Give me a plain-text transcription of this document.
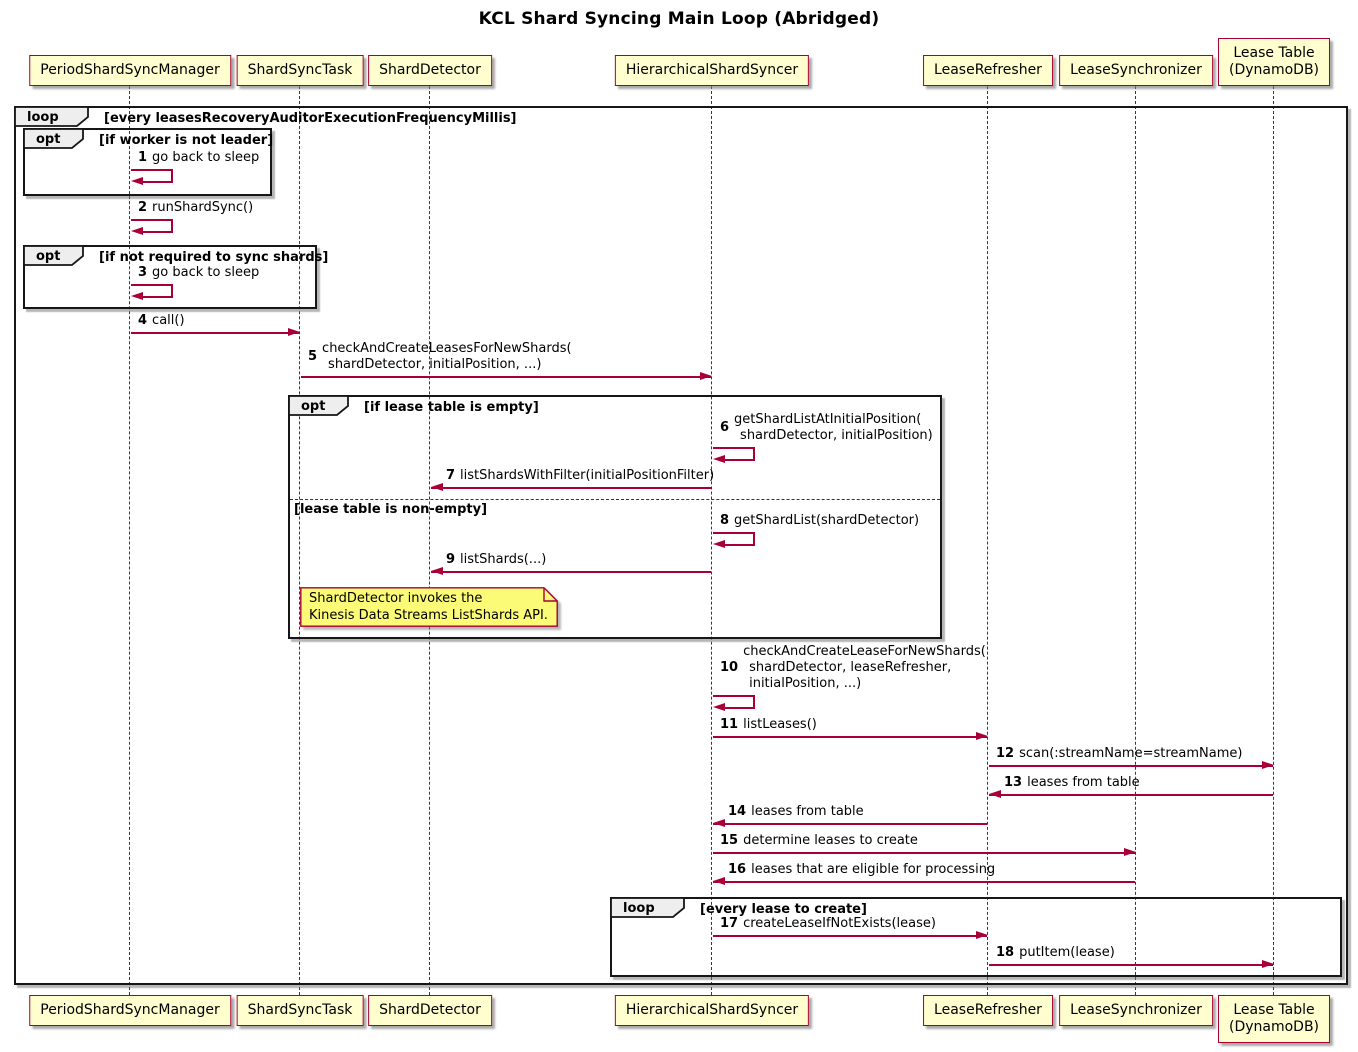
KCL Shard Syncing Main Loop (Abridged)
loop	[every leasesRecoveryAuditorExecutionFrequencyMillis]
opt	[if worker is not leader]
opt	[if not required to sync shards]
opt	[if lease table is empty]
[lease table is non-empty]
loop	[every lease to create]
ShardDetector invokes the
Kinesis Data Streams ListShards API.
1 go back to sleep
2 runShardSync()
3 go back to sleep
4 call()
5
checkAndCreateLeasesForNewShards(
shardDetector, initialPosition, ...)
6
getShardListAtInitialPosition(
shardDetector, initialPosition)
7 listShardsWithFilter(initialPositionFilter)
8 getShardList(shardDetector)
9 listShards(...)
10
checkAndCreateLeaseForNewShards(
shardDetector, leaseRefresher,
initialPosition, ...)
11 listLeases()
12 scan(:streamName=streamName)
13 leases from table
14 leases from table
15 determine leases to create
16 leases that are eligible for processing
17 createLeaseIfNotExists(lease)
18 putItem(lease)
PeriodShardSyncManager
PeriodShardSyncManager
ShardSyncTask
ShardSyncTask
ShardDetector
ShardDetector
HierarchicalShardSyncer
HierarchicalShardSyncer
LeaseRefresher
LeaseRefresher
LeaseSynchronizer
LeaseSynchronizer
Lease Table
(DynamoDB)
Lease Table
(DynamoDB)
